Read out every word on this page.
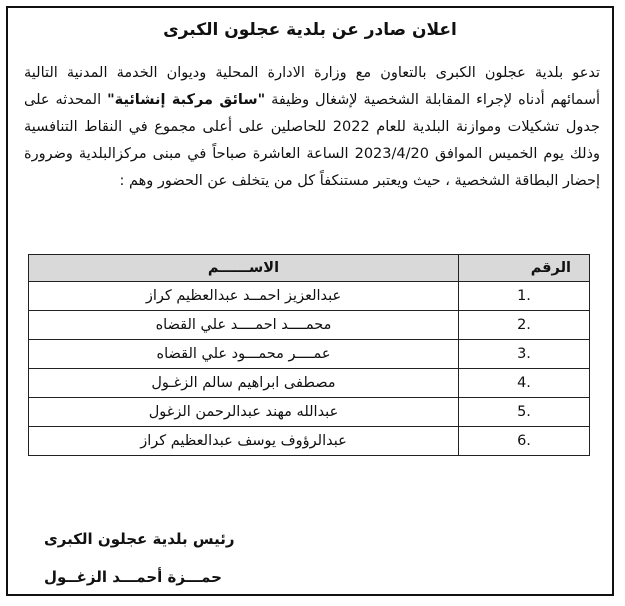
اعلان صادر عن بلدية عجلون الكبرى

تدعو بلدية عجلون الكبرى بالتعاون مع وزارة الادارة المحلية وديوان الخدمة المدنية التالية أسمائهم أدناه لإجراء المقابلة الشخصية لإشغال وظيفة "سائق مركبة إنشائية" المحدثه على جدول تشكيلات وموازنة البلدية للعام 2022 للحاصلين على أعلى مجموع في النقاط التنافسية وذلك يوم الخميس الموافق 2023/4/20 الساعة العاشرة صباحاً في مبنى مركزالبلدية وضرورة إحضار البطاقة الشخصية ، حيث ويعتبر مستنكفاً كل من يتخلف عن الحضور وهم :

الرقم	الاســــــم
1.	عبدالعزيز احمــد عبدالعظيم كراز
2.	محمــــد احمــــد علي القضاه
3.	عمــــر محمـــود علي القضاه
4.	مصطفى ابراهيم سالم الزغـول
5.	عبدالله مهند عبدالرحمن الزغول
6.	عبدالرؤوف يوسف عبدالعظيم كراز
رئيس بلدية عجلون الكبرى
حمـــزة أحمـــد الزغــول
